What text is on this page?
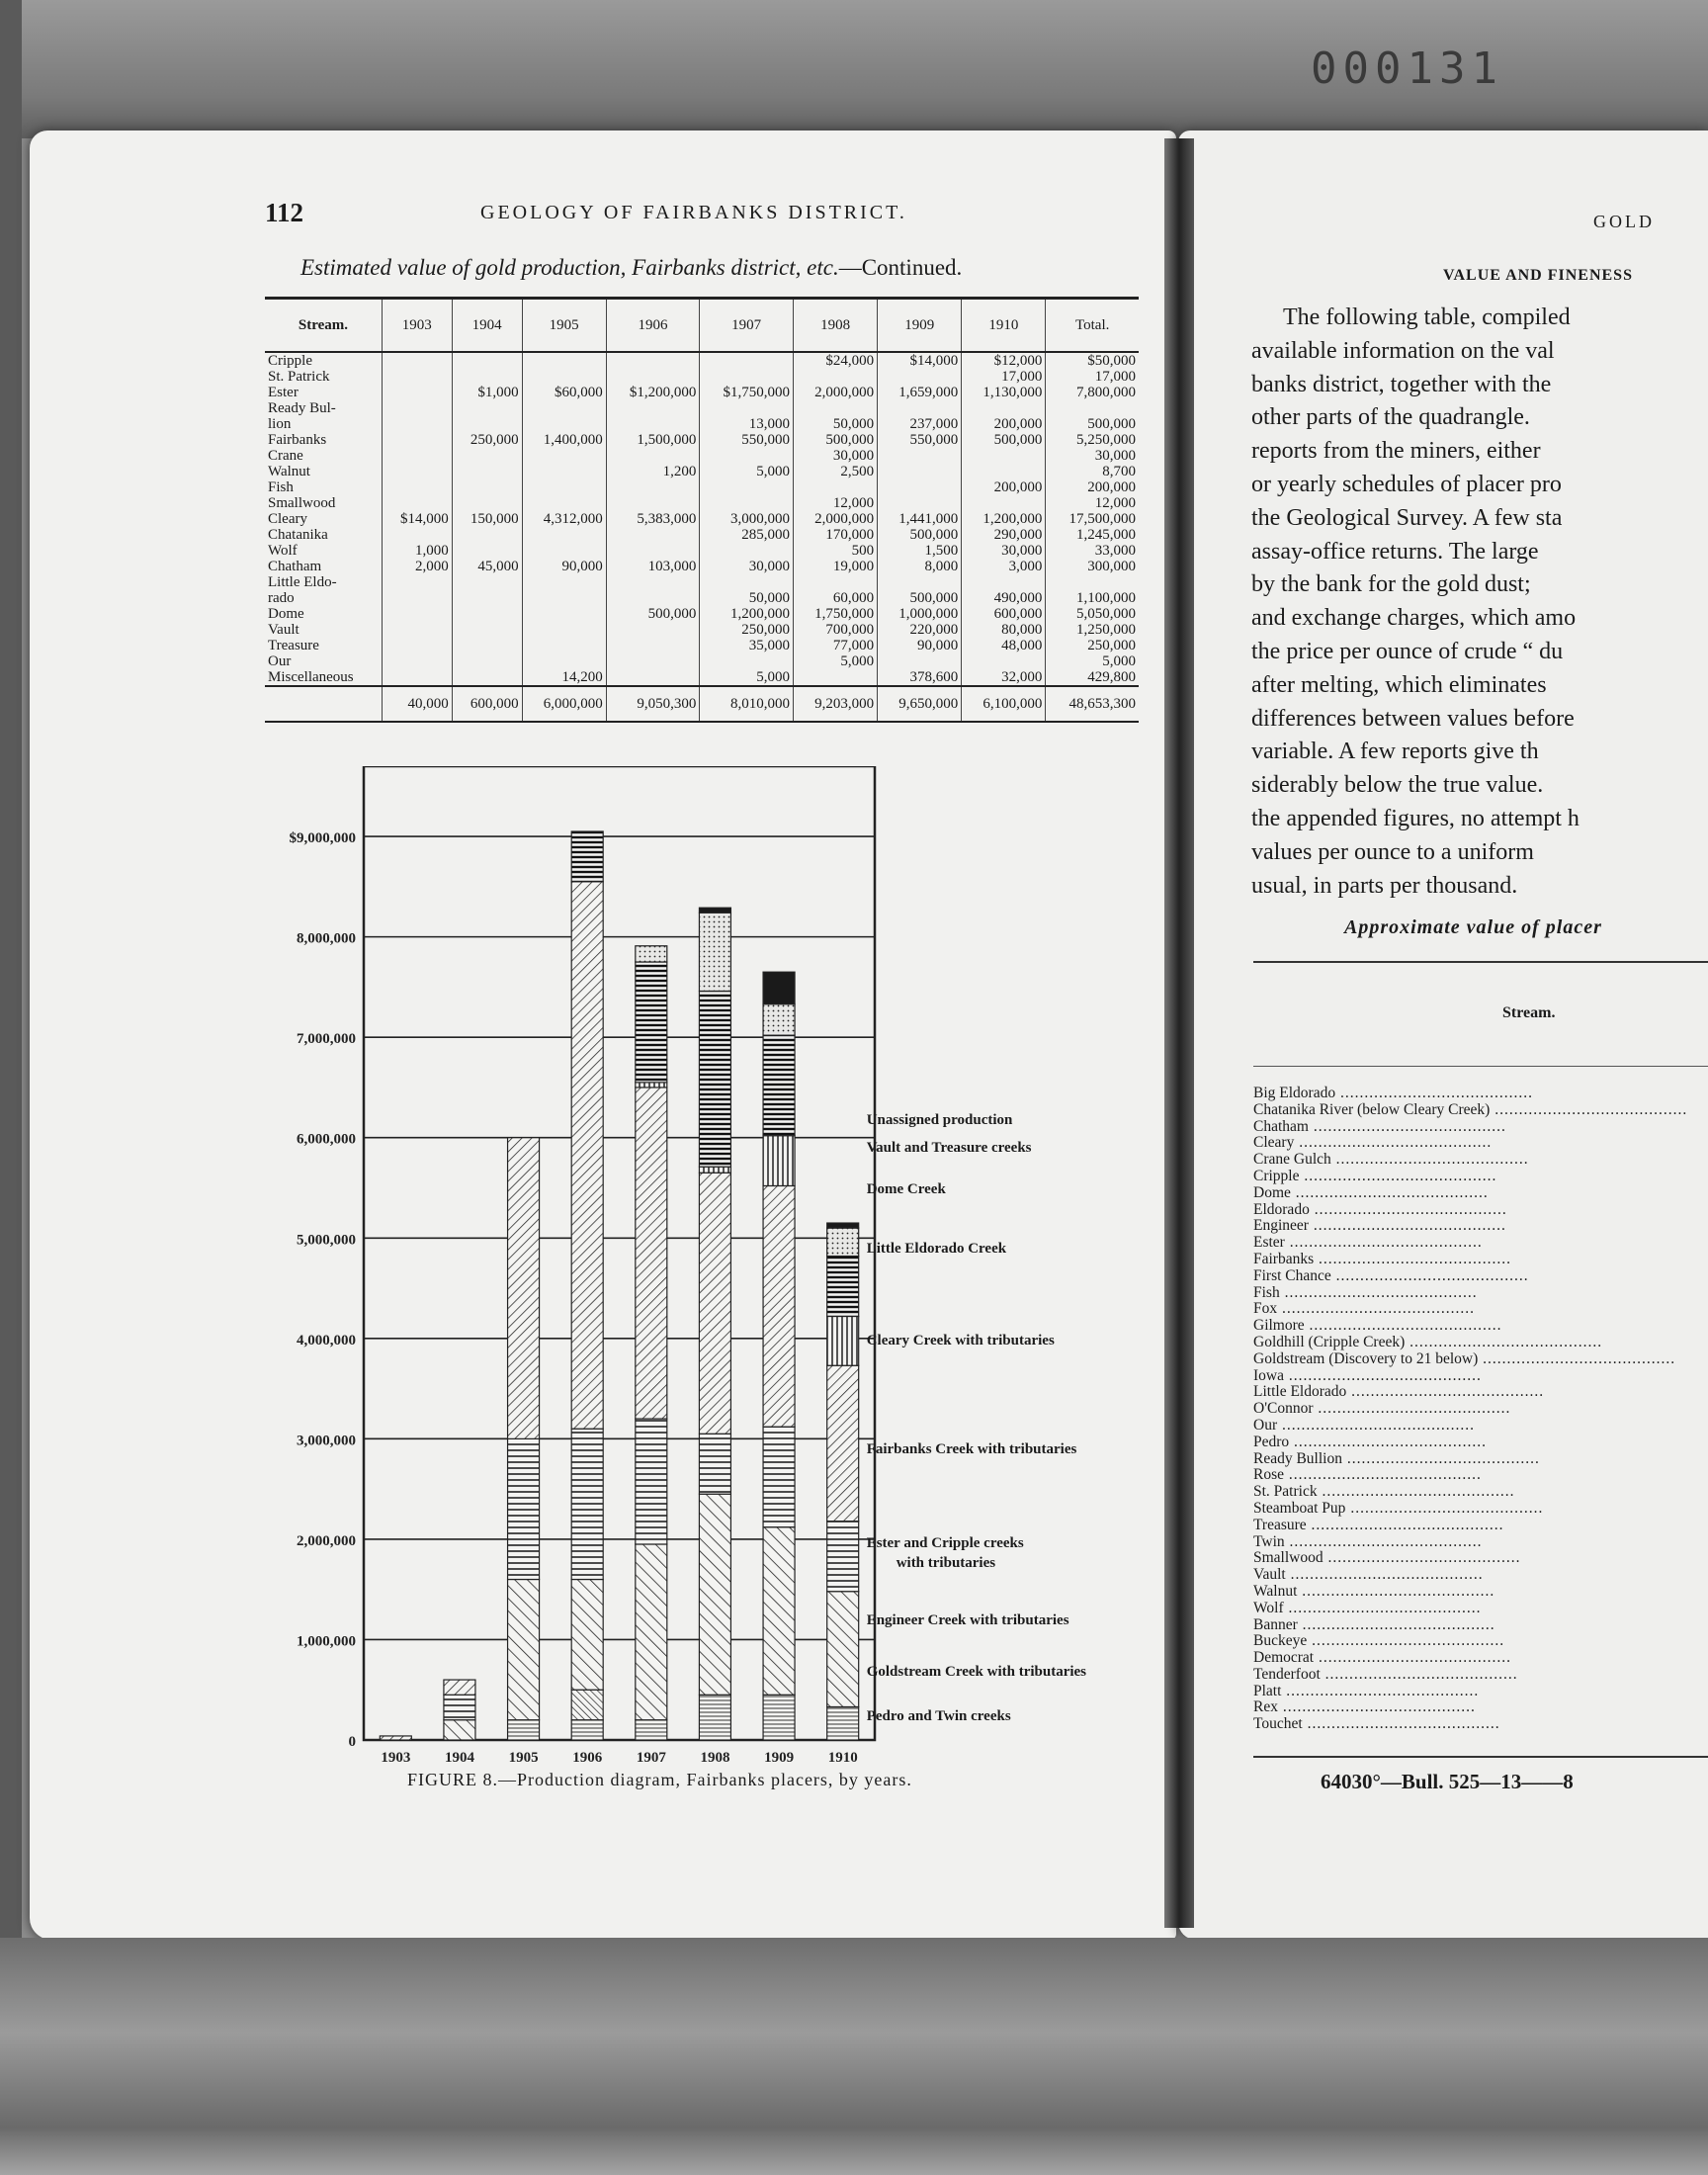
000131
112	GEOLOGY OF FAIRBANKS DISTRICT.
Estimated value of gold production, Fairbanks district, etc.—Continued.
Stream.	1903	1904	1905	1906	1907	1908	1909	1910	Total.
Cripple						$24,000	$14,000	$12,000	$50,000
St. Patrick								17,000	17,000
Ester		$1,000	$60,000	$1,200,000	$1,750,000	2,000,000	1,659,000	1,130,000	7,800,000
Ready Bul-									
lion					13,000	50,000	237,000	200,000	500,000
Fairbanks		250,000	1,400,000	1,500,000	550,000	500,000	550,000	500,000	5,250,000
Crane						30,000			30,000
Walnut				1,200	5,000	2,500			8,700
Fish								200,000	200,000
Smallwood						12,000			12,000
Cleary	$14,000	150,000	4,312,000	5,383,000	3,000,000	2,000,000	1,441,000	1,200,000	17,500,000
Chatanika					285,000	170,000	500,000	290,000	1,245,000
Wolf	1,000					500	1,500	30,000	33,000
Chatham	2,000	45,000	90,000	103,000	30,000	19,000	8,000	3,000	300,000
Little Eldo-									
rado					50,000	60,000	500,000	490,000	1,100,000
Dome				500,000	1,200,000	1,750,000	1,000,000	600,000	5,050,000
Vault					250,000	700,000	220,000	80,000	1,250,000
Treasure					35,000	77,000	90,000	48,000	250,000
Our						5,000			5,000
Miscellaneous			14,200		5,000		378,600	32,000	429,800
	40,000	600,000	6,000,000	9,050,300	8,010,000	9,203,000	9,650,000	6,100,000	48,653,300
0
1,000,000
2,000,000
3,000,000
4,000,000
5,000,000
6,000,000
7,000,000
8,000,000
$9,000,000
1903 1904 1905 1906 1907 1908 1909 1910
Pedro and Twin creeks
Goldstream Creek with tributaries
Engineer Creek with tributaries
Ester and Cripple creeks with tributaries
Fairbanks Creek with tributaries
Cleary Creek with tributaries
Little Eldorado Creek
Dome Creek
Vault and Treasure creeks
Unassigned production
FIGURE 8.—Production diagram, Fairbanks placers, by years.
GOLD
VALUE AND FINENESS
The following table, compiled
available information on the val
banks district, together with the
other parts of the quadrangle.
reports from the miners, either
or yearly schedules of placer pro
the Geological Survey. A few sta
assay-office returns. The large
by the bank for the gold dust;
and exchange charges, which amo
the price per ounce of crude “ du
after melting, which eliminates
differences between values before
variable. A few reports give th
siderably below the true value.
the appended figures, no attempt h
values per ounce to a uniform
usual, in parts per thousand.
Approximate value of placer
Stream.
Big Eldorado .....
Chatanika River (below Cleary Creek) .....
Chatham .....
Cleary .....
Crane Gulch .....
Cripple .....
Dome .....
Eldorado .....
Engineer .....
Ester .....
Fairbanks .....
First Chance .....
Fish .....
Fox .....
Gilmore .....
Goldhill (Cripple Creek) .....
Goldstream (Discovery to 21 below) .....
Iowa .....
Little Eldorado .....
O'Connor .....
Our .....
Pedro .....
Ready Bullion .....
Rose .....
St. Patrick .....
Steamboat Pup .....
Treasure .....
Twin .....
Smallwood .....
Vault .....
Walnut .....
Wolf .....
Banner .....
Buckeye .....
Democrat .....
Tenderfoot .....
Platt .....
Rex .....
Touchet .....
64030°—Bull. 525—13——8
